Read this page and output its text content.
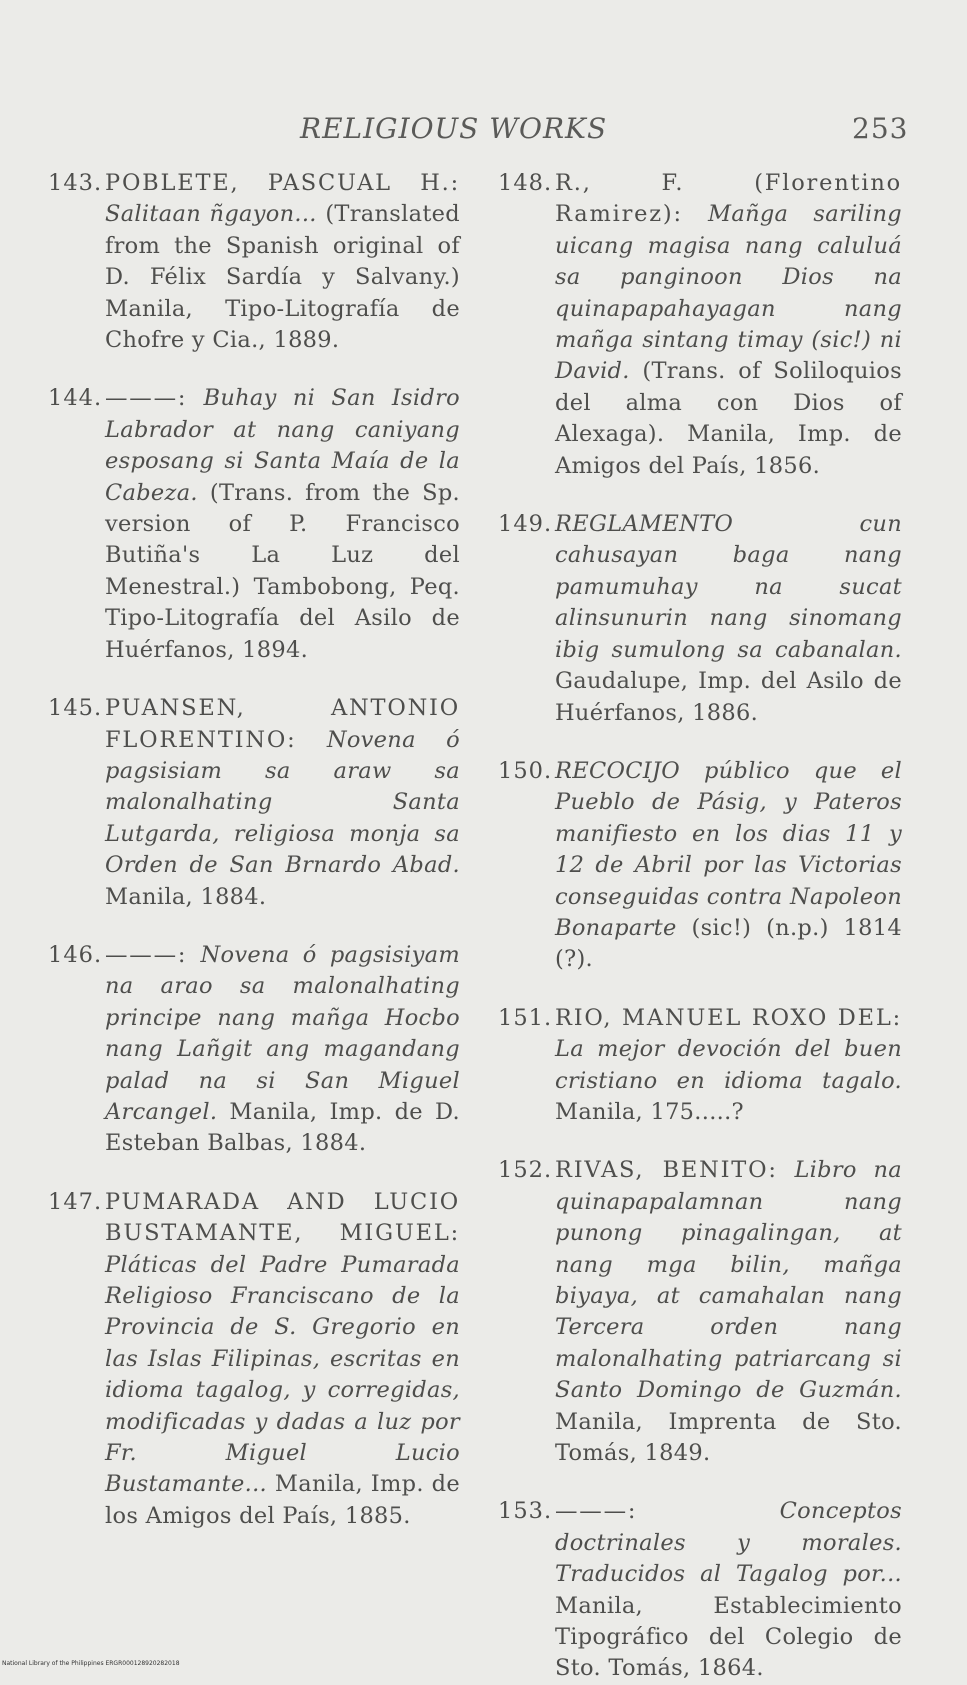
RELIGIOUS WORKS	253
143. POBLETE, PASCUAL H.: Salitaan ñgayon... (Translated from the Spanish original of D. Félix Sardía y Salvany.) Manila, Tipo-Litografía de Chofre y Cia., 1889.
144. ———: Buhay ni San Isidro Labrador at nang caniyang esposang si Santa Maía de la Cabeza. (Trans. from the Sp. version of P. Francisco Butiña's La Luz del Menestral.) Tambobong, Peq. Tipo-Litografía del Asilo de Huérfanos, 1894.
145. PUANSEN, ANTONIO FLORENTINO: Novena ó pagsisiam sa araw sa malonalhating Santa Lutgarda, religiosa monja sa Orden de San Brnardo Abad. Manila, 1884.
146. ———: Novena ó pagsisiyam na arao sa malonalhating principe nang mañga Hocbo nang Lañgit ang magandang palad na si San Miguel Arcangel. Manila, Imp. de D. Esteban Balbas, 1884.
147. PUMARADA AND LUCIO BUSTAMANTE, MIGUEL: Pláticas del Padre Pumarada Religioso Franciscano de la Provincia de S. Gregorio en las Islas Filipinas, escritas en idioma tagalog, y corregidas, modificadas y dadas a luz por Fr. Miguel Lucio Bustamante... Manila, Imp. de los Amigos del País, 1885.
148. R., F. (Florentino Ramirez): Mañga sariling uicang magisa nang caluluá sa panginoon Dios na quinapapahayagan nang mañga sintang timay (sic!) ni David. (Trans. of Soliloquios del alma con Dios of Alexaga). Manila, Imp. de Amigos del País, 1856.
149. REGLAMENTO cun cahusayan baga nang pamumuhay na sucat alinsunurin nang sinomang ibig sumulong sa cabanalan. Gaudalupe, Imp. del Asilo de Huérfanos, 1886.
150. RECOCIJO público que el Pueblo de Pásig, y Pateros manifiesto en los dias 11 y 12 de Abril por las Victorias conseguidas contra Napoleon Bonaparte (sic!) (n.p.) 1814 (?).
151. RIO, MANUEL ROXO DEL: La mejor devoción del buen cristiano en idioma tagalo. Manila, 175.....?
152. RIVAS, BENITO: Libro na quinapapalamnan nang punong pinagalingan, at nang mga bilin, mañga biyaya, at camahalan nang Tercera orden nang malonalhating patriarcang si Santo Domingo de Guzmán. Manila, Imprenta de Sto. Tomás, 1849.
153. ———:	Conceptos doctrinales y morales. Traducidos al Tagalog por... Manila, Establecimiento Tipográfico del Colegio de Sto. Tomás, 1864.
National Library of the Philippines ERGR000128920282018
